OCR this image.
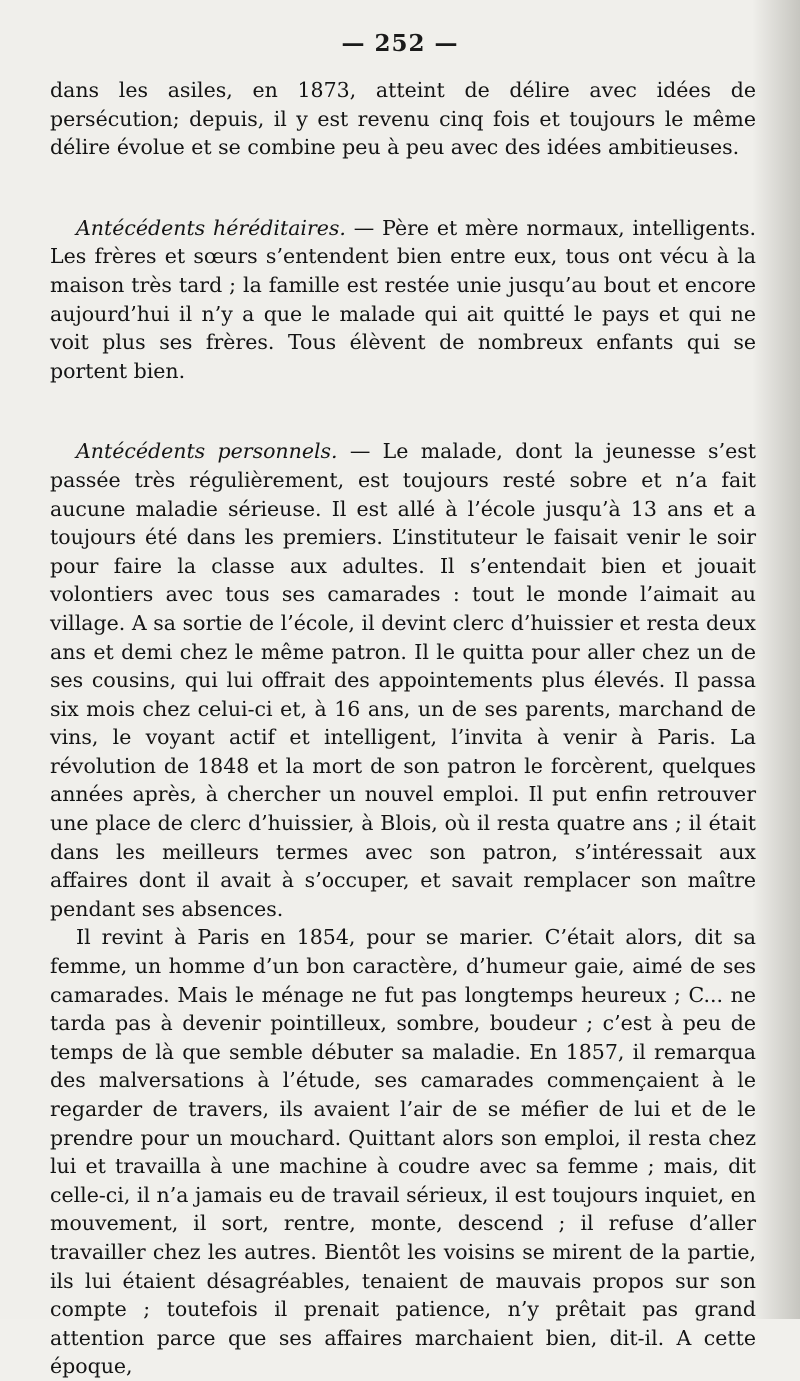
— 252 —

dans les asiles, en 1873, atteint de délire avec idées de persécution; depuis, il y est revenu cinq fois et toujours le même délire évolue et se combine peu à peu avec des idées ambitieuses.

Antécédents héréditaires. — Père et mère normaux, intelligents. Les frères et sœurs s’entendent bien entre eux, tous ont vécu à la maison très tard ; la famille est restée unie jusqu’au bout et encore aujourd’hui il n’y a que le malade qui ait quitté le pays et qui ne voit plus ses frères. Tous élèvent de nombreux enfants qui se portent bien.

Antécédents personnels. — Le malade, dont la jeunesse s’est passée très régulièrement, est toujours resté sobre et n’a fait aucune maladie sérieuse. Il est allé à l’école jusqu’à 13 ans et a toujours été dans les premiers. L’instituteur le faisait venir le soir pour faire la classe aux adultes. Il s’entendait bien et jouait volontiers avec tous ses camarades : tout le monde l’aimait au village. A sa sortie de l’école, il devint clerc d’huissier et resta deux ans et demi chez le même patron. Il le quitta pour aller chez un de ses cousins, qui lui offrait des appointements plus élevés. Il passa six mois chez celui-ci et, à 16 ans, un de ses parents, marchand de vins, le voyant actif et intelligent, l’invita à venir à Paris. La révolution de 1848 et la mort de son patron le forcèrent, quelques années après, à chercher un nouvel emploi. Il put enfin retrouver une place de clerc d’huissier, à Blois, où il resta quatre ans ; il était dans les meilleurs termes avec son patron, s’intéressait aux affaires dont il avait à s’occuper, et savait remplacer son maître pendant ses absences.

Il revint à Paris en 1854, pour se marier. C’était alors, dit sa femme, un homme d’un bon caractère, d’humeur gaie, aimé de ses camarades. Mais le ménage ne fut pas longtemps heureux ; C... ne tarda pas à devenir pointilleux, sombre, boudeur ; c’est à peu de temps de là que semble débuter sa maladie. En 1857, il remarqua des malversations à l’étude, ses camarades commençaient à le regarder de travers, ils avaient l’air de se méfier de lui et de le prendre pour un mouchard. Quittant alors son emploi, il resta chez lui et travailla à une machine à coudre avec sa femme ; mais, dit celle-ci, il n’a jamais eu de travail sérieux, il est toujours inquiet, en mouvement, il sort, rentre, monte, descend ; il refuse d’aller travailler chez les autres. Bientôt les voisins se mirent de la partie, ils lui étaient désagréables, tenaient de mauvais propos sur son compte ; toutefois il prenait patience, n’y prêtait pas grand attention parce que ses affaires marchaient bien, dit-il. A cette époque,
